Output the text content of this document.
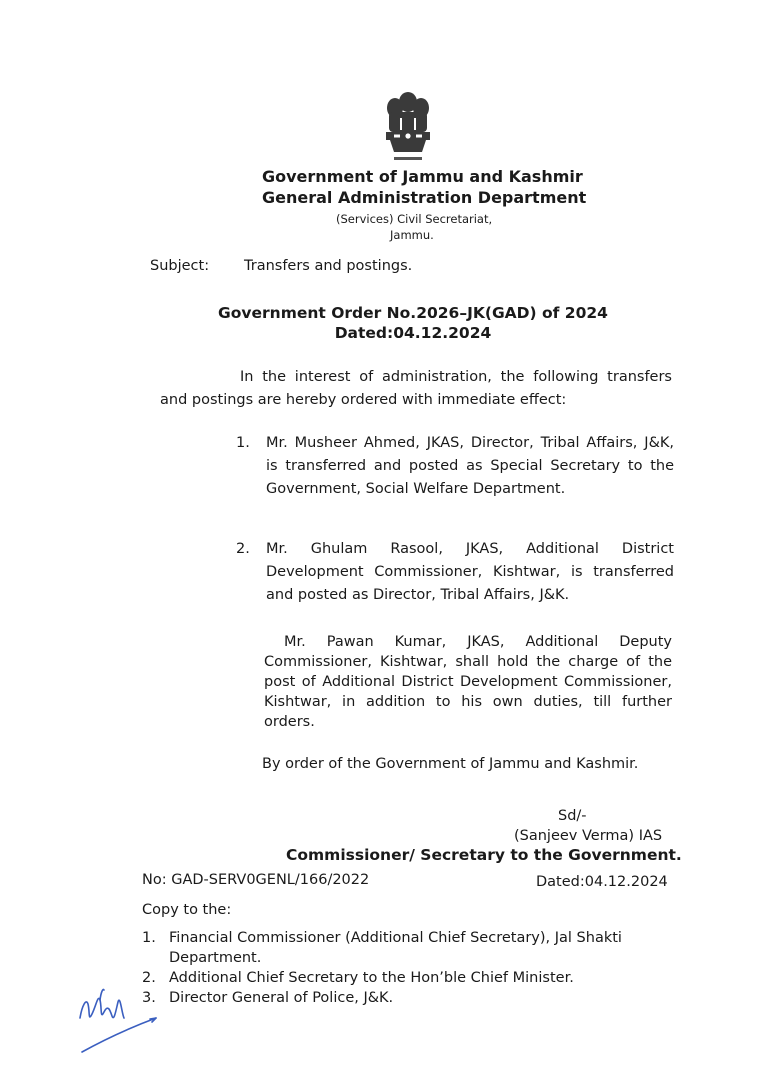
Government of Jammu and Kashmir
General Administration Department
(Services) Civil Secretariat,
Jammu.
Subject: Transfers and postings.
Government Order No.2026–JK(GAD) of 2024
Dated:04.12.2024
In the interest of administration, the following transfers and postings are hereby ordered with immediate effect:
1. Mr. Musheer Ahmed, JKAS, Director, Tribal Affairs, J&K, is transferred and posted as Special Secretary to the Government, Social Welfare Department.
2. Mr. Ghulam Rasool, JKAS, Additional District Development Commissioner, Kishtwar, is transferred and posted as Director, Tribal Affairs, J&K.
Mr. Pawan Kumar, JKAS, Additional Deputy Commissioner, Kishtwar, shall hold the charge of the post of Additional District Development Commissioner, Kishtwar, in addition to his own duties, till further orders.
By order of the Government of Jammu and Kashmir.
Sd/-
(Sanjeev Verma) IAS
Commissioner/ Secretary to the Government.
No: GAD-SERV0GENL/166/2022	Dated:04.12.2024
Copy to the:
1. Financial Commissioner (Additional Chief Secretary), Jal Shakti Department.
2. Additional Chief Secretary to the Hon’ble Chief Minister.
3. Director General of Police, J&K.
